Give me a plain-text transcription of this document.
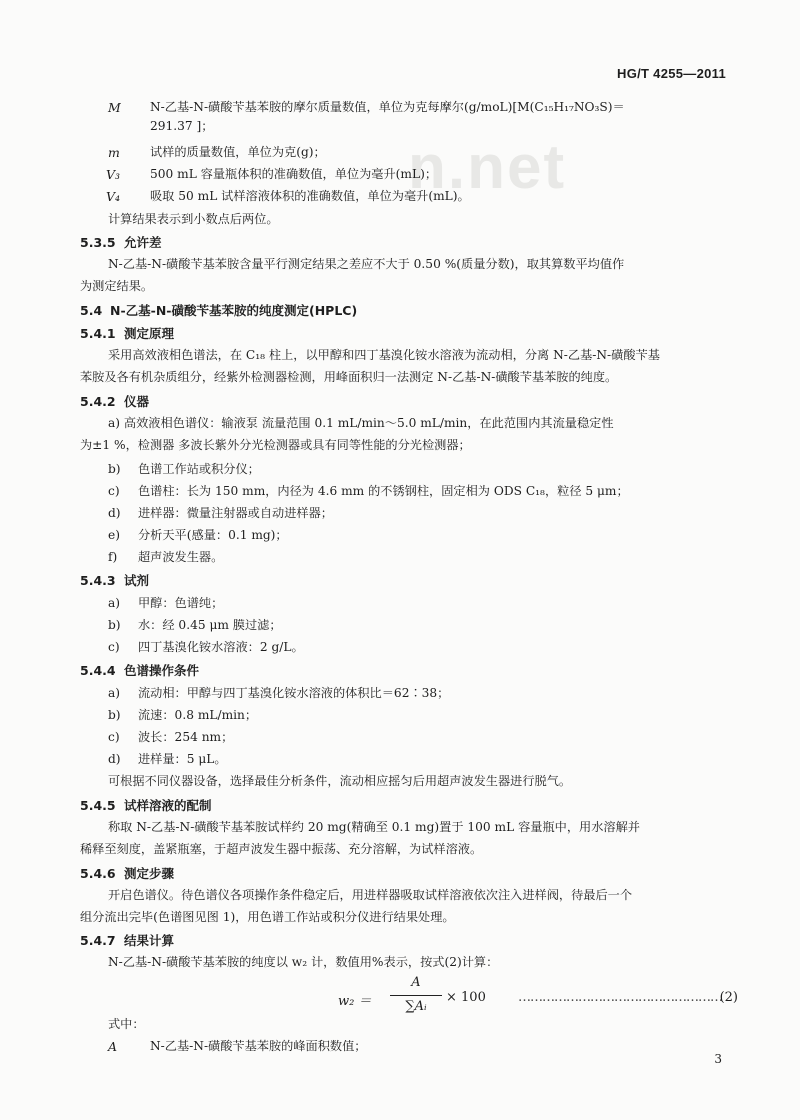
n.net
HG/T 4255—2011
M N-乙基-N-磺酸苄基苯胺的摩尔质量数值，单位为克每摩尔(g/moL)[M(C₁₅H₁₇NO₃S)＝
291.37 ]；
m 试样的质量数值，单位为克(g)；
V₃ 500 mL 容量瓶体积的准确数值，单位为毫升(mL)；
V₄ 吸取 50 mL 试样溶液体积的准确数值，单位为毫升(mL)。
计算结果表示到小数点后两位。
5.3.5 允许差
N-乙基-N-磺酸苄基苯胺含量平行测定结果之差应不大于 0.50 %(质量分数)，取其算数平均值作
为测定结果。
5.4 N-乙基-N-磺酸苄基苯胺的纯度测定(HPLC)
5.4.1 测定原理
采用高效液相色谱法，在 C₁₈ 柱上，以甲醇和四丁基溴化铵水溶液为流动相，分离 N-乙基-N-磺酸苄基
苯胺及各有机杂质组分，经紫外检测器检测，用峰面积归一法测定 N-乙基-N-磺酸苄基苯胺的纯度。
5.4.2 仪器
a) 高效液相色谱仪：输液泵 流量范围 0.1 mL/min～5.0 mL/min，在此范围内其流量稳定性
为±1 %，检测器 多波长紫外分光检测器或具有同等性能的分光检测器；
b) 色谱工作站或积分仪；
c) 色谱柱：长为 150 mm，内径为 4.6 mm 的不锈钢柱，固定相为 ODS C₁₈，粒径 5 μm；
d) 进样器：微量注射器或自动进样器；
e) 分析天平(感量：0.1 mg)；
f) 超声波发生器。
5.4.3 试剂
a) 甲醇：色谱纯；
b) 水：经 0.45 μm 膜过滤；
c) 四丁基溴化铵水溶液：2 g/L。
5.4.4 色谱操作条件
a) 流动相：甲醇与四丁基溴化铵水溶液的体积比＝62∶38；
b) 流速：0.8 mL/min；
c) 波长：254 nm；
d) 进样量：5 μL。
可根据不同仪器设备，选择最佳分析条件，流动相应摇匀后用超声波发生器进行脱气。
5.4.5 试样溶液的配制
称取 N-乙基-N-磺酸苄基苯胺试样约 20 mg(精确至 0.1 mg)置于 100 mL 容量瓶中，用水溶解并
稀释至刻度，盖紧瓶塞，于超声波发生器中振荡、充分溶解，为试样溶液。
5.4.6 测定步骤
开启色谱仪。待色谱仪各项操作条件稳定后，用进样器吸取试样溶液依次注入进样阀，待最后一个
组分流出完毕(色谱图见图 1)，用色谱工作站或积分仪进行结果处理。
5.4.7 结果计算
N-乙基-N-磺酸苄基苯胺的纯度以 w₂ 计，数值用%表示，按式(2)计算：
w₂ ＝
A
∑Aᵢ
× 100 ……………………………………………
(2)
式中：
A	N-乙基-N-磺酸苄基苯胺的峰面积数值；
3
